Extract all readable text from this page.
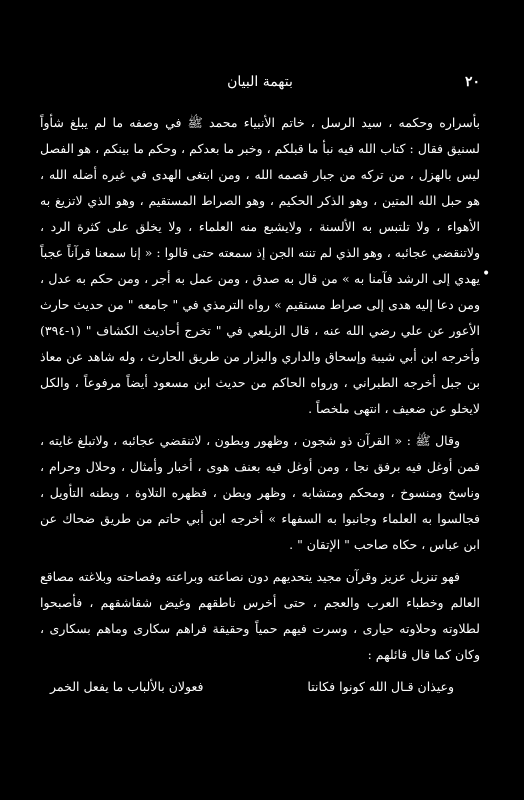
٢٠
بتهمة البيان

بأسراره وحكمه ، سيد الرسل ، خاتم الأنبياء محمد ﷺ في وصفه ما لم يبلغ شأواً لسنيق فقال : كتاب الله فيه نبأ ما قبلكم ، وخبر ما بعدكم ، وحكم ما بينكم ، هو الفصل ليس بالهزل ، من تركه من جبار قصمه الله ، ومن ابتغى الهدى في غيره أضله الله ، هو حبل الله المتين ، وهو الذكر الحكيم ، وهو الصراط المستقيم ، وهو الذي لاتزيغ به الأهواء ، ولا تلتبس به الألسنة ، ولايشبع منه العلماء ، ولا يخلق على كثرة الرد ، ولاتنقضي عجائبه ، وهو الذي لم تنته الجن إذ سمعته حتى قالوا : « إنا سمعنا قرآناً عجباً يهدي إلى الرشد فآمنا به » من قال به صدق ، ومن عمل به أجر ، ومن حكم به عدل ، ومن دعا إليه هدى إلى صراط مستقيم » رواه الترمذي في " جامعه " من حديث حارث الأعور عن علي رضي الله عنه ، قال الزيلعي في " تخرج أحاديث الكشاف " (١-٣٩٤) وأخرجه ابن أبي شيبة وإسحاق والداري والبزار من طريق الحارث ، وله شاهد عن معاذ بن جبل أخرجه الطبراني ، ورواه الحاكم من حديث ابن مسعود أيضاً مرفوعاً ، والكل لايخلو عن ضعيف ، انتهى ملخصاً .

وقال ﷺ : « القرآن ذو شجون ، وظهور وبطون ، لاتنقضي عجائبه ، ولاتبلغ غايته ، فمن أوغل فيه برفق نجا ، ومن أوغل فيه بعنف هوى ، أخبار وأمثال ، وحلال وحرام ، وناسخ ومنسوخ ، ومحكم ومتشابه ، وظهر وبطن ، فظهره التلاوة ، وبطنه التأويل ، فجالسوا به العلماء وجانبوا به السفهاء » أخرجه ابن أبي حاتم من طريق ضحاك عن ابن عباس ، حكاه صاحب " الإتقان " .

فهو تنزيل عزيز وقرآن مجيد يتحديهم دون نصاعته وبراعته وفصاحته وبلاغته مصاقع العالم وخطباء العرب والعجم ، حتى أخرس ناطقهم وغيض شقاشقهم ، فأصبحوا لطلاوته وحلاوته حيارى ، وسرت فيهم حمياً وحقيقة فراهم سكارى وماهم بسكارى ، وكان كما قال قائلهم :

وعيذان قـال الله كونوا فكانتا
فعولان بالألباب ما يفعل الخمر
•
